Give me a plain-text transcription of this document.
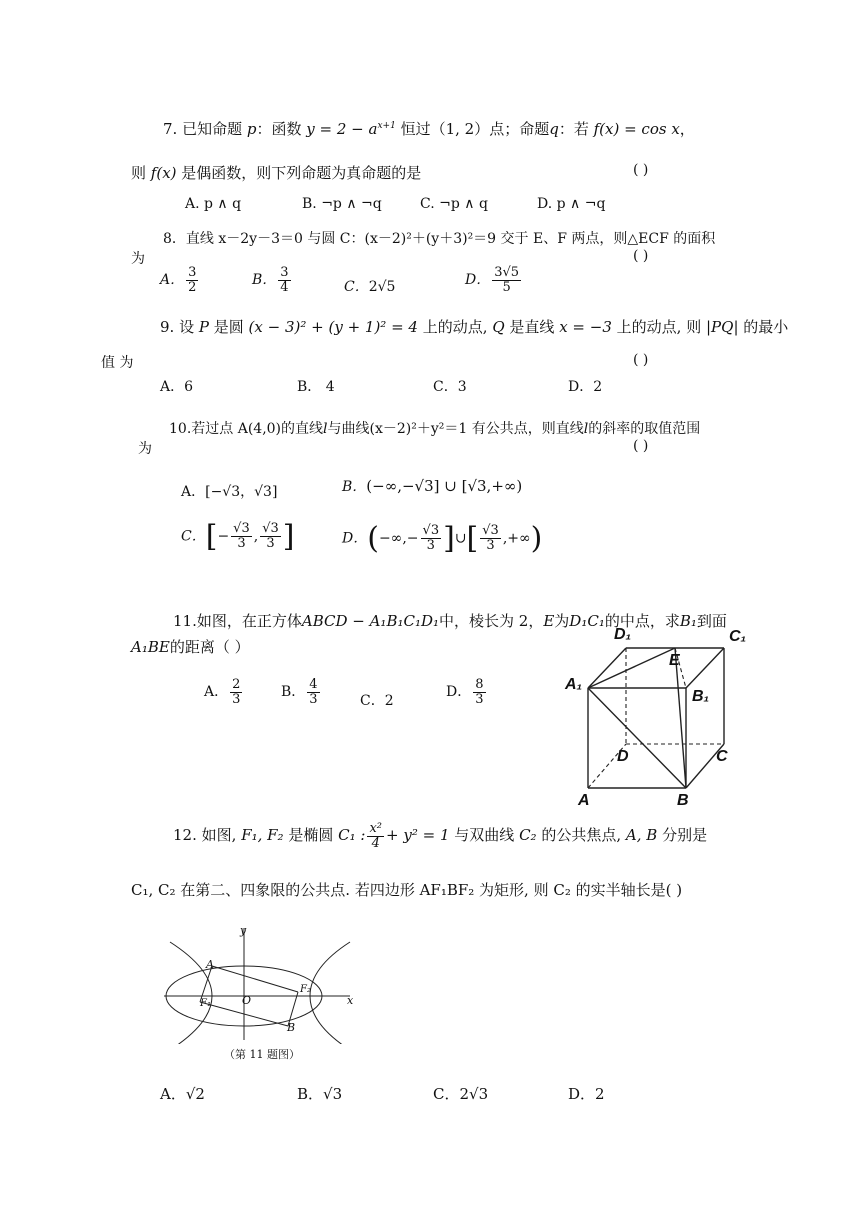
7. 已知命题 p：函数 $y = 2 - a^{x+1}$ 恒过（1, 2）点；命题q：若 f(x) = cos x，
则 f(x) 是偶函数，则下列命题为真命题的是	( )
A. p ∧ q	B. ¬p ∧ ¬q	C. ¬p ∧ q	D. p ∧ ¬q
8．直线 x－2y－3＝0 与圆 C：(x－2)²＋(y＋3)²＝9 交于 E、F 两点，则△ECF 的面积
为	( )
A． $\frac{3}{2}$	B． $\frac{3}{4}$	C．2√5	D． $\frac{3√5}{5}$
9. 设 P 是圆 (x − 3)² + (y + 1)² = 4 上的动点, Q 是直线 x = −3 上的动点, 则 |PQ| 的最小
值 为	( )
A．6	B． 4	C．3	D．2
10.若过点 A(4,0)的直线l与曲线(x－2)²＋y²＝1 有公共点，则直线l的斜率的取值范围
为	( )
A．[−√3，√3]	B．(−∞,−√3] ∪ [√3,+∞)
C．[− $\frac{√3}{3}$ , $\frac{√3}{3}$ ]	D．(−∞,− $\frac{√3}{3}$ ]∪[ $\frac{√3}{3}$ ,+∞)
11.如图，在正方体ABCD − A₁B₁C₁D₁中，棱长为 2，E为D₁C₁的中点，求B₁到面
A₁BE的距离（ ）
A． $\frac{2}{3}$	B． $\frac{4}{3}$	C．2
D． $\frac{8}{3}$
D₁	C₁
E
A₁
B₁
D	C
A	B
12. 如图, F₁, F₂ 是椭圆 C₁ : $\frac{\text{x²}}{4} + y^2 = 1$ 与双曲线 C₂ 的公共焦点, A, B 分别是
C₁, C₂ 在第二、四象限的公共点. 若四边形 AF₁BF₂ 为矩形, 则 C₂ 的实半轴长是( )
y
x
A
F₁	O
F₂
B
（第 11 题图）
A．√2	B．√3	C．2√3	D．2
